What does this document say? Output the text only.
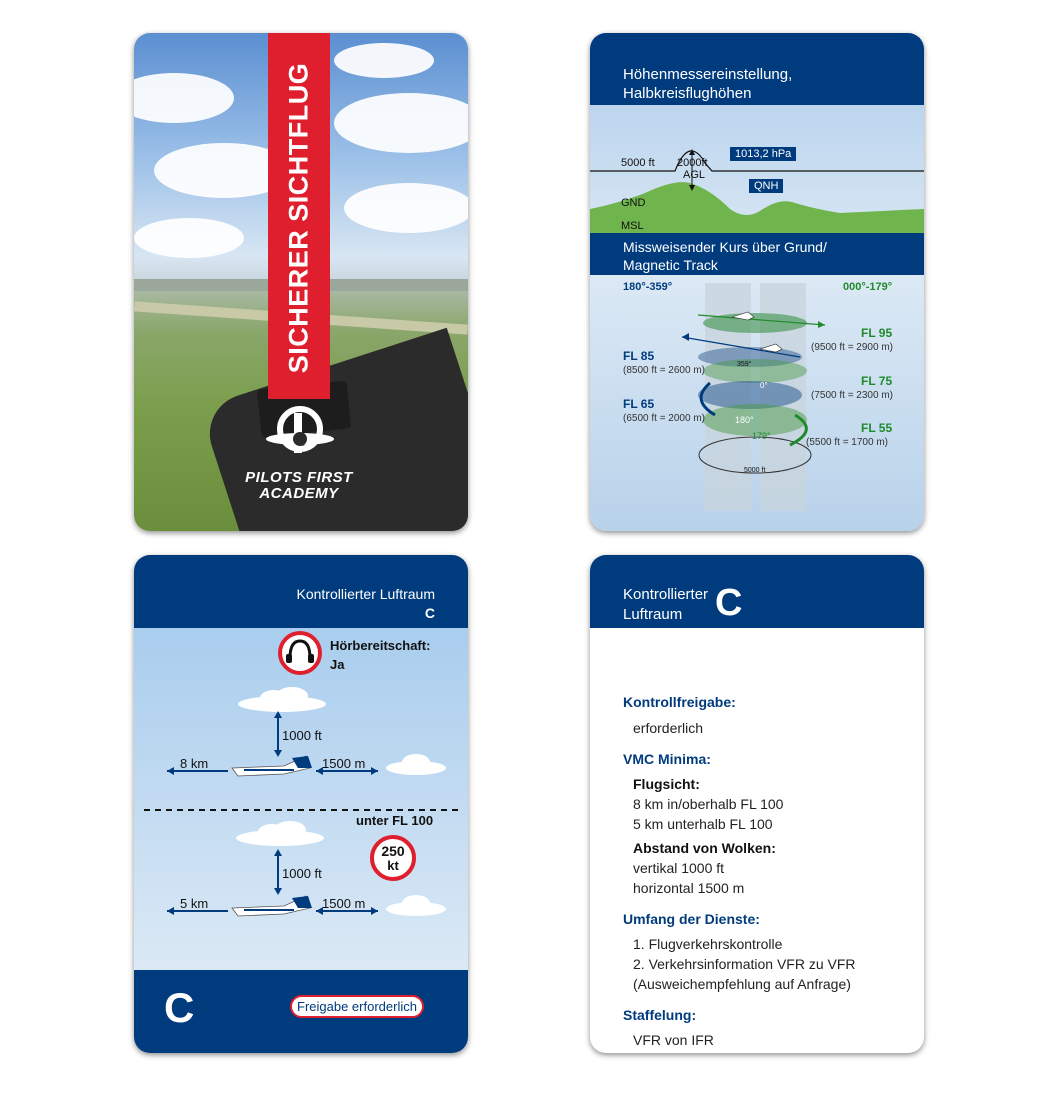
SICHERER SICHTFLUG
PILOTS FIRST
ACADEMY
Höhenmessereinstellung,
Halbkreisflughöhen
5000 ft 2000ft
AGL
1013,2 hPa
QNH
GND
MSL
Missweisender Kurs über Grund/
Magnetic Track
180°-359°	000°-179°
FL 95
(9500 ft = 2900 m)
FL 85
(8500 ft = 2600 m)
FL 75
(7500 ft = 2300 m)
FL 65
(6500 ft = 2000 m)
FL 55
(5500 ft = 1700 m)
359°
0°
180°
179°
5000 ft
Kontrollierter Luftraum
C
Hörbereitschaft:
Ja
1000 ft
8 km	1500 m
unter FL 100
250
kt
1000 ft
5 km	1500 m
C	Freigabe erforderlich
Kontrollierter
Luftraum C
Kontrollfreigabe:
erforderlich
VMC Minima:
Flugsicht:
8 km in/oberhalb FL 100
5 km unterhalb FL 100
Abstand von Wolken:
vertikal 1000 ft
horizontal 1500 m
Umfang der Dienste:
1. Flugverkehrskontrolle
2. Verkehrsinformation VFR zu VFR
(Ausweichempfehlung auf Anfrage)
Staffelung:
VFR von IFR
